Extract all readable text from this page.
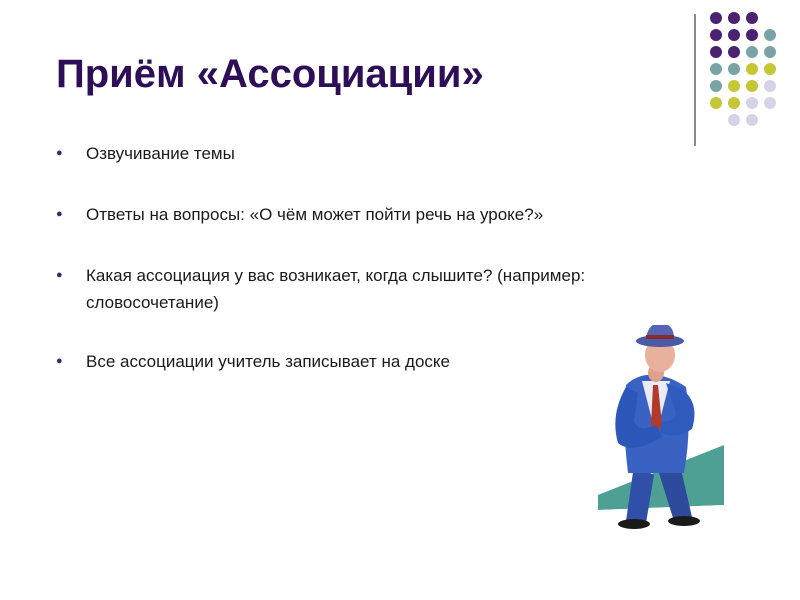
Приём «Ассоциации»
● Озвучивание темы
● Ответы на вопросы: «О чём может пойти речь на уроке?»
● Какая ассоциация у вас возникает, когда слышите? (например: словосочетание)
● Все ассоциации учитель записывает на доске
